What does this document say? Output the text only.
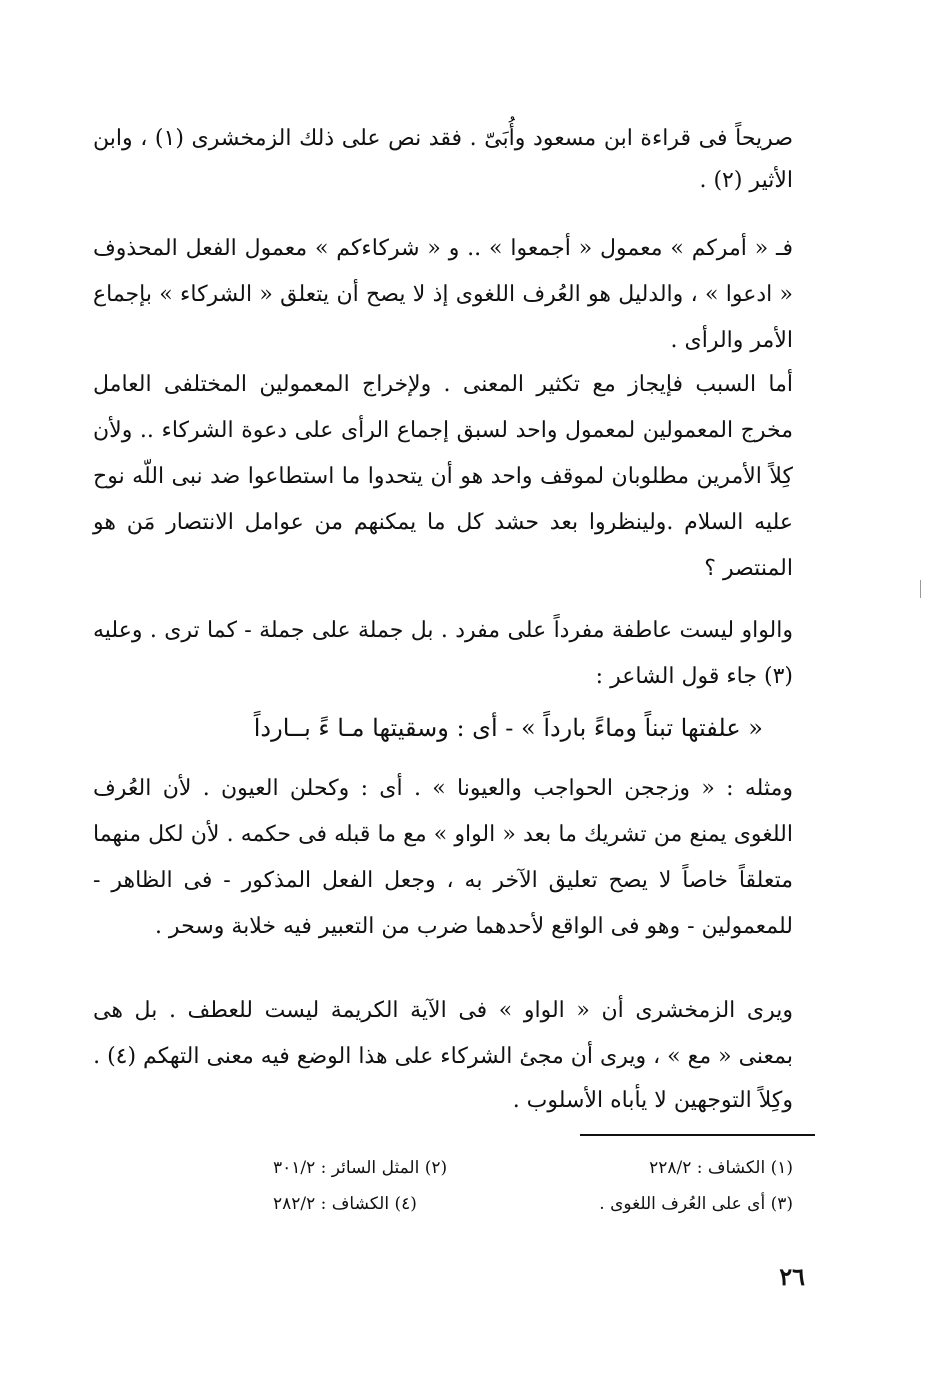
صريحاً فى قراءة ابن مسعود وأُبَىّ . فقد نص على ذلك الزمخشرى (١) ، وابن الأثير (٢) .

فـ « أمركم » معمول « أجمعوا » .. و « شركاءكم » معمول الفعل المحذوف « ادعوا » ، والدليل هو العُرف اللغوى إذ لا يصح أن يتعلق « الشركاء » بإجماع الأمر والرأى .

أما السبب فإيجاز مع تكثير المعنى . ولإخراج المعمولين المختلفى العامل مخرج المعمولين لمعمول واحد لسبق إجماع الرأى على دعوة الشركاء .. ولأن كِلاً الأمرين مطلوبان لموقف واحد هو أن يتحدوا ما استطاعوا ضد نبى اللّه نوح عليه السلام .ولينظروا بعد حشد كل ما يمكنهم من عوامل الانتصار مَن هو المنتصر ؟

والواو ليست عاطفة مفرداً على مفرد . بل جملة على جملة - كما ترى . وعليه (٣) جاء قول الشاعر :

« علفتها تبناً وماءً بارداً » - أى : وسقيتها مـا ءً بــارداً

ومثله : « وزججن الحواجب والعيونا » . أى : وكحلن العيون . لأن العُرف اللغوى يمنع من تشريك ما بعد « الواو » مع ما قبله فى حكمه . لأن لكل منهما متعلقاً خاصاً لا يصح تعليق الآخر به ، وجعل الفعل المذكور - فى الظاهر - للمعمولين - وهو فى الواقع لأحدهما ضرب من التعبير فيه خلابة وسحر .

ويرى الزمخشرى أن « الواو » فى الآية الكريمة ليست للعطف . بل هى بمعنى « مع » ، ويرى أن مجئ الشركاء على هذا الوضع فيه معنى التهكم (٤) .

وكِلاً التوجهين لا يأباه الأسلوب .

(١) الكشاف : ٢٢٨/٢
(٢) المثل السائر : ٣٠١/٢
(٣) أى على العُرف اللغوى .
(٤) الكشاف : ٢٨٢/٢
٢٦
